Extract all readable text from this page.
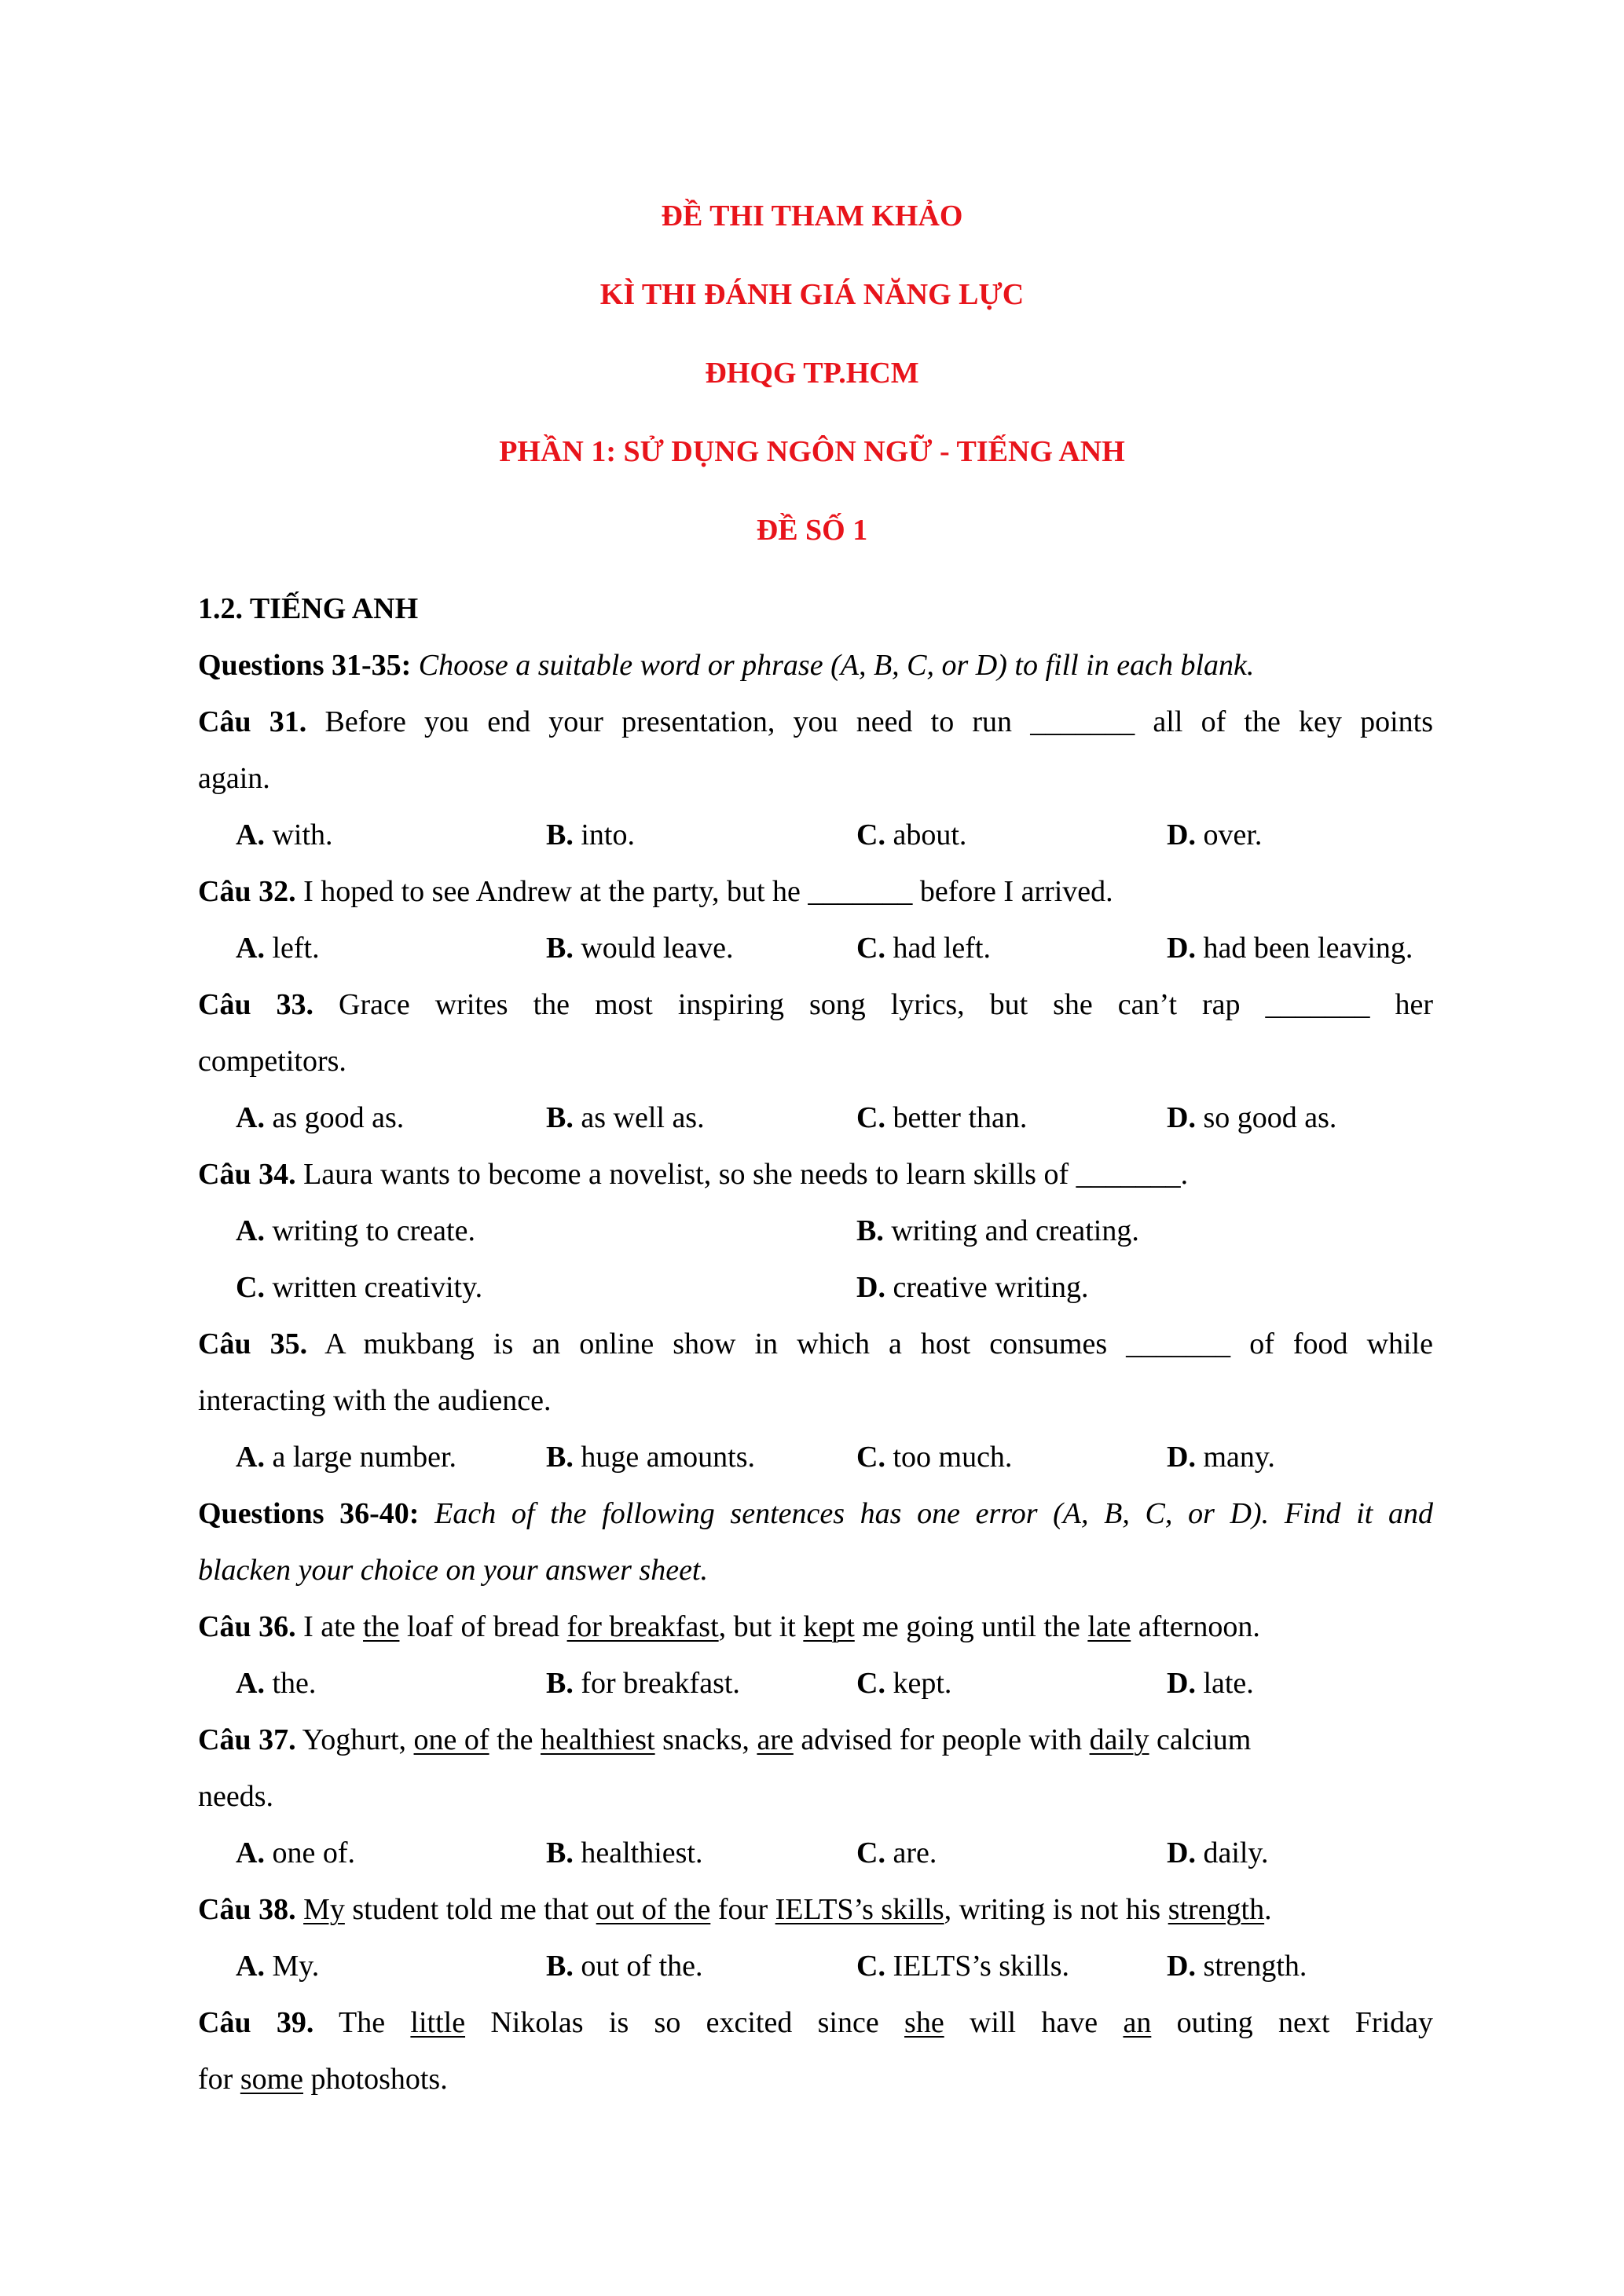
ĐỀ THI THAM KHẢO
KÌ THI ĐÁNH GIÁ NĂNG LỰC
ĐHQG TP.HCM
PHẦN 1: SỬ DỤNG NGÔN NGỮ - TIẾNG ANH
ĐỀ SỐ 1
1.2. TIẾNG ANH
Questions 31-35: Choose a suitable word or phrase (A, B, C, or D) to fill in each blank.
Câu 31. Before you end your presentation, you need to run _______ all of the key points
again.
A. with.	B. into.	C. about.	D. over.
Câu 32. I hoped to see Andrew at the party, but he _______ before I arrived.
A. left.	B. would leave.	C. had left.	D. had been leaving.
Câu 33. Grace writes the most inspiring song lyrics, but she can’t rap _______ her
competitors.
A. as good as.	B. as well as.	C. better than.	D. so good as.
Câu 34. Laura wants to become a novelist, so she needs to learn skills of _______.
A. writing to create.	B. writing and creating.
C. written creativity.	D. creative writing.
Câu 35. A mukbang is an online show in which a host consumes _______ of food while
interacting with the audience.
A. a large number.	B. huge amounts.	C. too much.	D. many.
Questions 36-40: Each of the following sentences has one error (A, B, C, or D). Find it and
blacken your choice on your answer sheet.
Câu 36. I ate the loaf of bread for breakfast, but it kept me going until the late afternoon.
A. the.	B. for breakfast.	C. kept.	D. late.
Câu 37. Yoghurt, one of the healthiest snacks, are advised for people with daily calcium
needs.
A. one of.	B. healthiest.	C. are.	D. daily.
Câu 38. My student told me that out of the four IELTS’s skills, writing is not his strength.
A. My.	B. out of the.	C. IELTS’s skills.	D. strength.
Câu 39. The little Nikolas is so excited since she will have an outing next Friday
for some photoshots.
